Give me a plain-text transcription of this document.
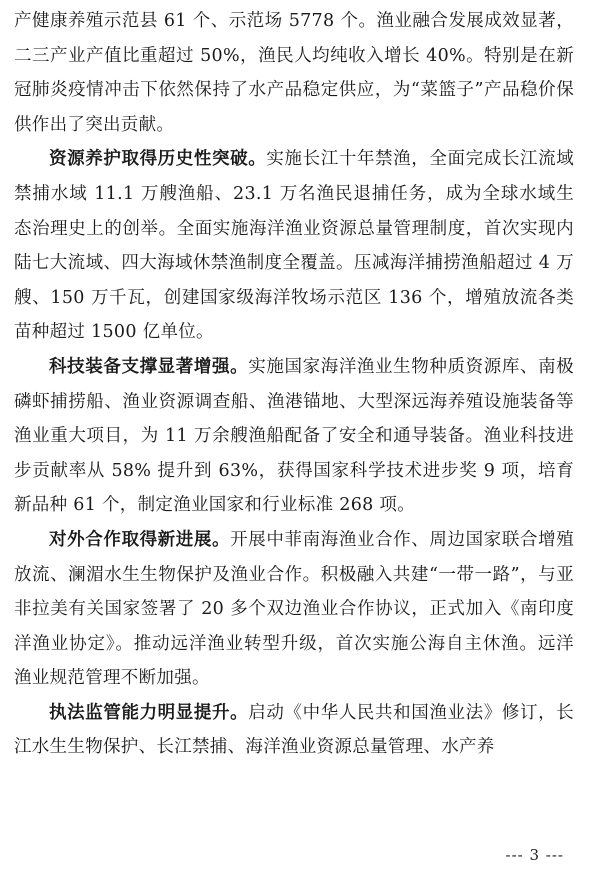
产健康养殖示范县 61 个、示范场 5778 个。渔业融合发展成效显著，二三产业产值比重超过 50%，渔民人均纯收入增长 40%。特别是在新冠肺炎疫情冲击下依然保持了水产品稳定供应，为“菜篮子”产品稳价保供作出了突出贡献。

资源养护取得历史性突破。实施长江十年禁渔，全面完成长江流域禁捕水域 11.1 万艘渔船、23.1 万名渔民退捕任务，成为全球水域生态治理史上的创举。全面实施海洋渔业资源总量管理制度，首次实现内陆七大流域、四大海域休禁渔制度全覆盖。压减海洋捕捞渔船超过 4 万艘、150 万千瓦，创建国家级海洋牧场示范区 136 个，增殖放流各类苗种超过 1500 亿单位。

科技装备支撑显著增强。实施国家海洋渔业生物种质资源库、南极磷虾捕捞船、渔业资源调查船、渔港锚地、大型深远海养殖设施装备等渔业重大项目，为 11 万余艘渔船配备了安全和通导装备。渔业科技进步贡献率从 58% 提升到 63%，获得国家科学技术进步奖 9 项，培育新品种 61 个，制定渔业国家和行业标准 268 项。

对外合作取得新进展。开展中菲南海渔业合作、周边国家联合增殖放流、澜湄水生生物保护及渔业合作。积极融入共建“一带一路”，与亚非拉美有关国家签署了 20 多个双边渔业合作协议，正式加入《南印度洋渔业协定》。推动远洋渔业转型升级，首次实施公海自主休渔。远洋渔业规范管理不断加强。

执法监管能力明显提升。启动《中华人民共和国渔业法》修订，长江水生生物保护、长江禁捕、海洋渔业资源总量管理、水产养

--- 3 ---
